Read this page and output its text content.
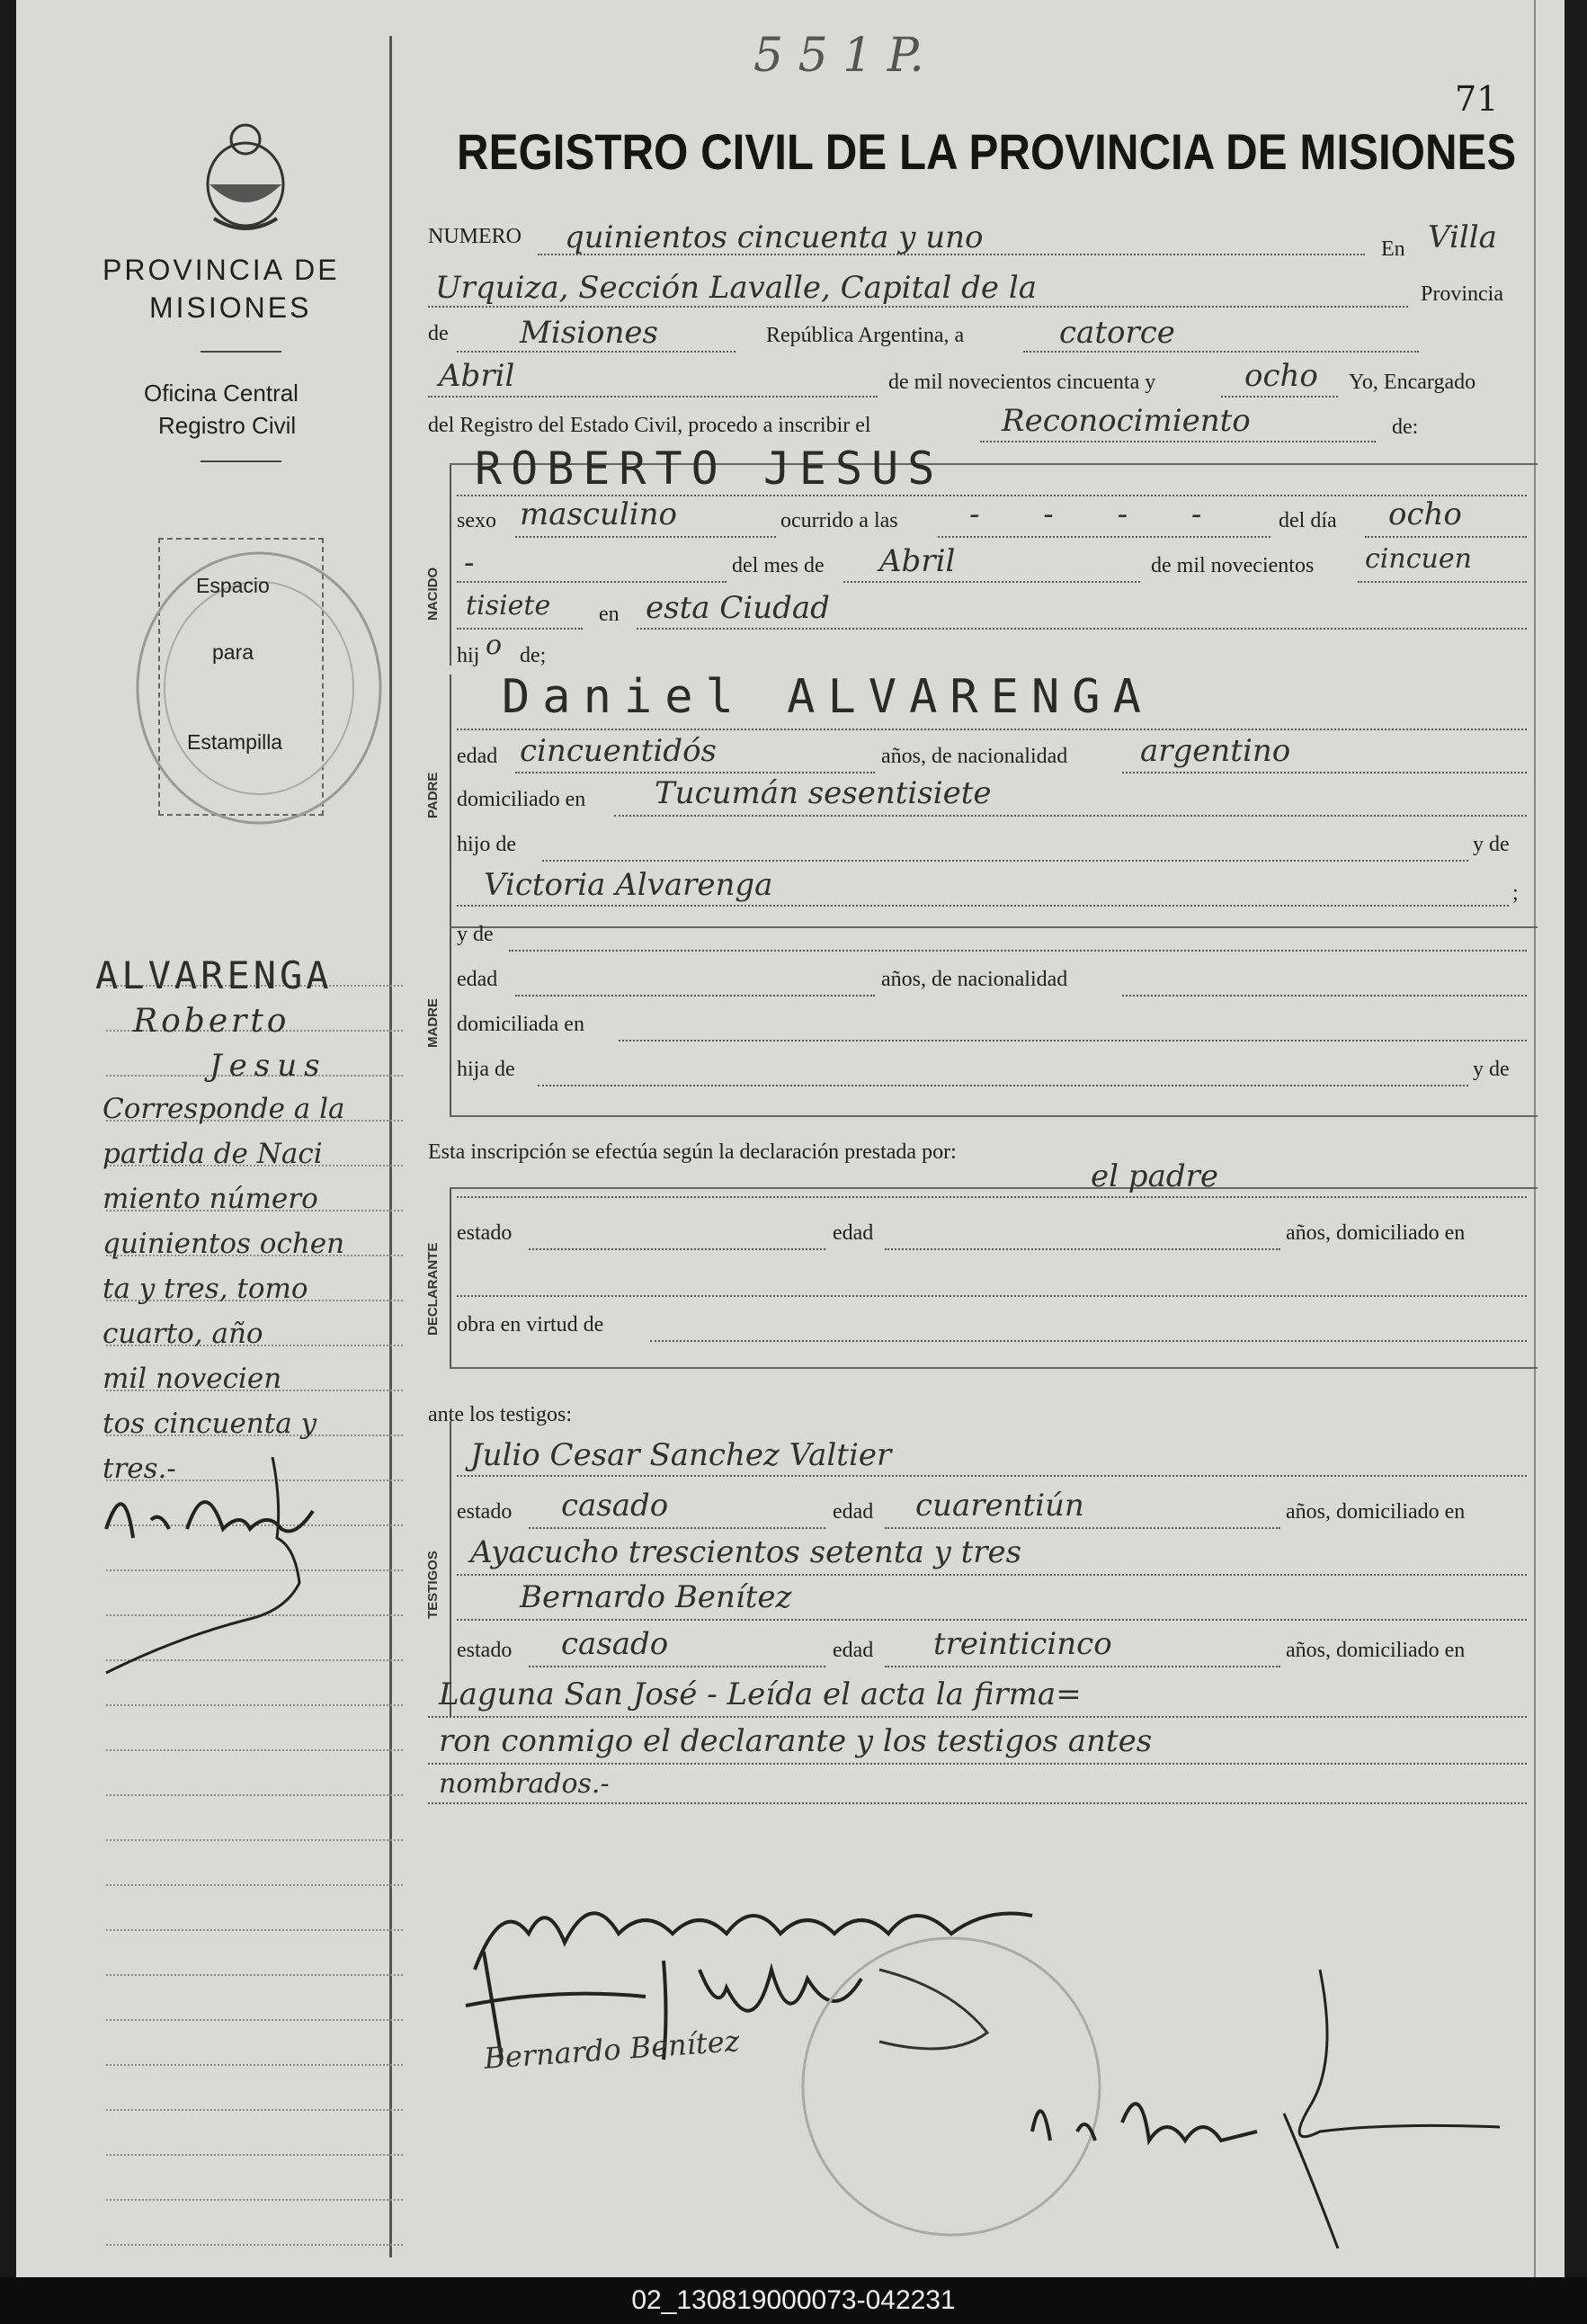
5 5 1 P.
71
REGISTRO CIVIL DE LA PROVINCIA DE MISIONES
PROVINCIA DE
MISIONES
Oficina Central
Registro Civil
Espacio
para
Estampilla
ALVARENGA
Roberto
Jesus
Corresponde a la
partida de Naci
miento número
quinientos ochen
ta y tres, tomo
cuarto, año
mil novecien
tos cincuenta y
tres.-
NACIDO
PADRE
MADRE
DECLARANTE
TESTIGOS
NUMERO quinientos cincuenta y uno	En Villa
Urquiza, Sección Lavalle, Capital de la	Provincia
de Misiones	República Argentina, a	catorce
Abril	de mil novecientos cincuenta y	ocho Yo, Encargado
del Registro del Estado Civil, procedo a inscribir el	Reconocimiento	de:
ROBERTO JESUS
sexo masculino	ocurrido a las - - - - del día ocho
-	del mes de Abril	de mil novecientos cincuen
tisiete en esta Ciudad
hij o de;
Daniel ALVARENGA
edad cincuentidós	años, de nacionalidad argentino
domiciliado en Tucumán sesentisiete
hijo de	y de
Victoria Alvarenga	;
y de
edad	años, de nacionalidad
domiciliada en
hija de	y de
Esta inscripción se efectúa según la declaración prestada por:
el padre
estado	edad	años, domiciliado en
obra en virtud de
ante los testigos:
Julio Cesar Sanchez Valtier
estado casado	edad cuarentiún	años, domiciliado en
Ayacucho trescientos setenta y tres
Bernardo Benítez
estado casado	edad treinticinco	años, domiciliado en
Laguna San José - Leída el acta la firma=
ron conmigo el declarante y los testigos antes
nombrados.-
Bernardo Benítez
02_130819000073-042231
